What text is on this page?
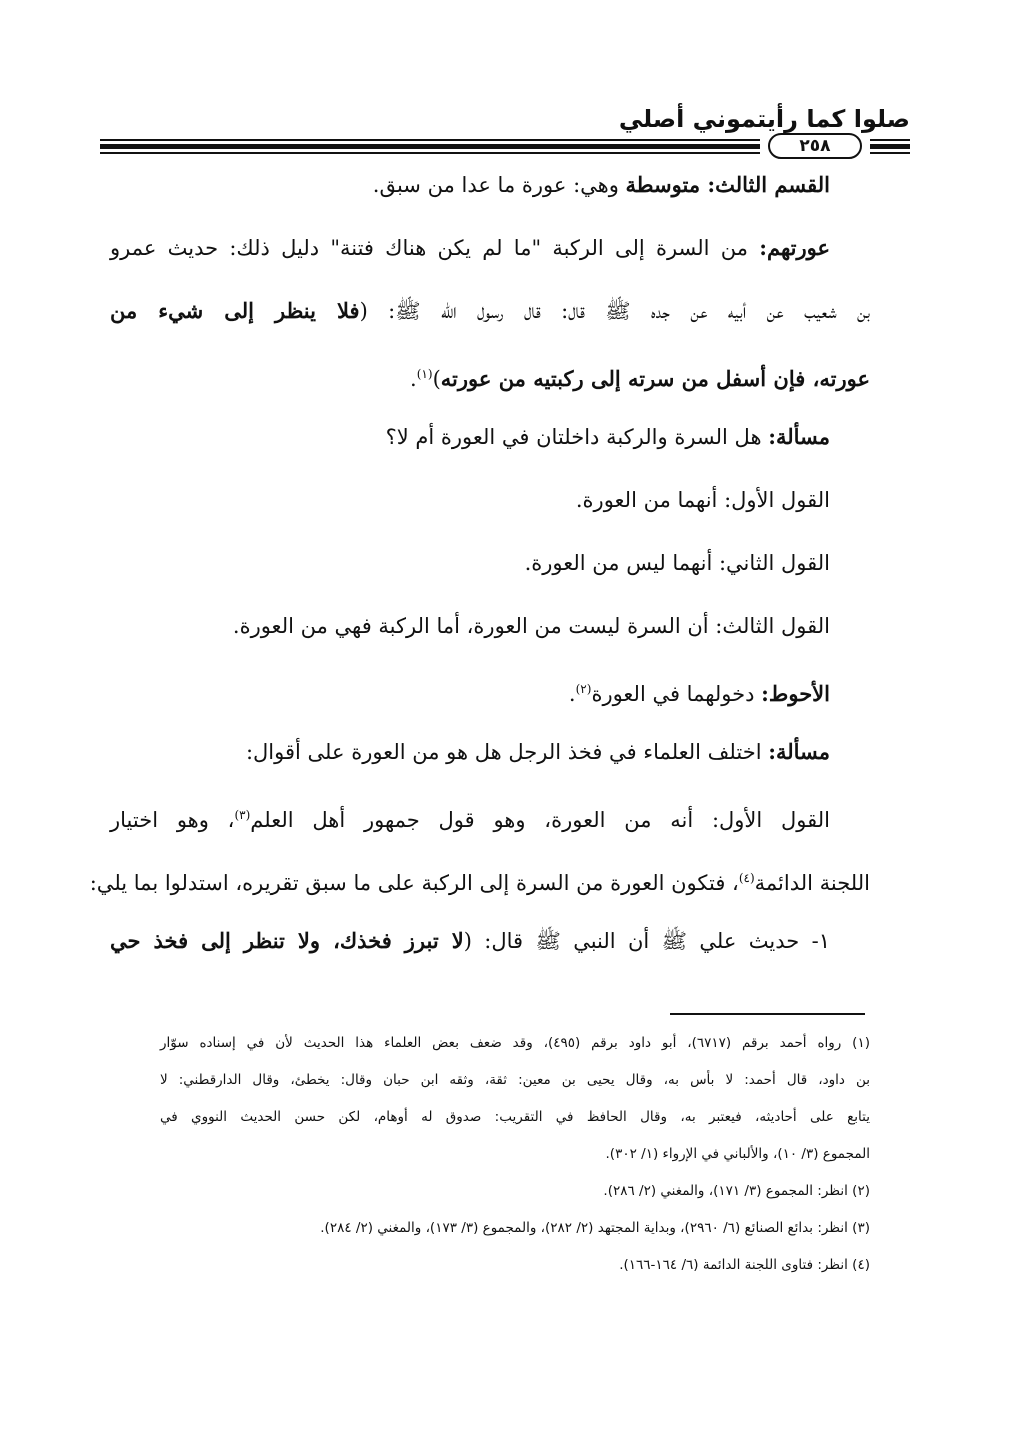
صلوا كما رأيتموني أصلي
٢٥٨
القسم الثالث: متوسطة وهي: عورة ما عدا من سبق.
عورتهم: من السرة إلى الركبة "ما لم يكن هناك فتنة" دليل ذلك: حديث عمرو
بن شعيب عن أبيه عن جده ﷺ قال: قال رسول الله ﷺ: (فلا ينظر إلى شيء من
عورته، فإن أسفل من سرته إلى ركبتيه من عورته)$^{(١)}$.
مسألة: هل السرة والركبة داخلتان في العورة أم لا؟
القول الأول: أنهما من العورة.
القول الثاني: أنهما ليس من العورة.
القول الثالث: أن السرة ليست من العورة، أما الركبة فهي من العورة.
الأحوط: دخولهما في العورة$^{(٢)}$.
مسألة: اختلف العلماء في فخذ الرجل هل هو من العورة على أقوال:
القول الأول: أنه من العورة، وهو قول جمهور أهل العلم$^{(٣)}$، وهو اختيار
اللجنة الدائمة$^{(٤)}$، فتكون العورة من السرة إلى الركبة على ما سبق تقريره، استدلوا بما يلي:
١- حديث علي ﷺ أن النبي ﷺ قال: (لا تبرز فخذك، ولا تنظر إلى فخذ حي
(١) رواه أحمد برقم (٦٧١٧)، أبو داود برقم (٤٩٥)، وقد ضعف بعض العلماء هذا الحديث لأن في إسناده سوّار
بن داود، قال أحمد: لا بأس به، وقال يحيى بن معين: ثقة، وثقه ابن حبان وقال: يخطئ، وقال الدارقطني: لا
يتابع على أحاديثه، فيعتبر به، وقال الحافظ في التقريب: صدوق له أوهام، لكن حسن الحديث النووي في
المجموع (٣/ ١٠)، والألباني في الإرواء (١/ ٣٠٢).
(٢) انظر: المجموع (٣/ ١٧١)، والمغني (٢/ ٢٨٦).
(٣) انظر: بدائع الصنائع (٦/ ٢٩٦٠)، وبداية المجتهد (٢/ ٢٨٢)، والمجموع (٣/ ١٧٣)، والمغني (٢/ ٢٨٤).
(٤) انظر: فتاوى اللجنة الدائمة (٦/ ١٦٤-١٦٦).
